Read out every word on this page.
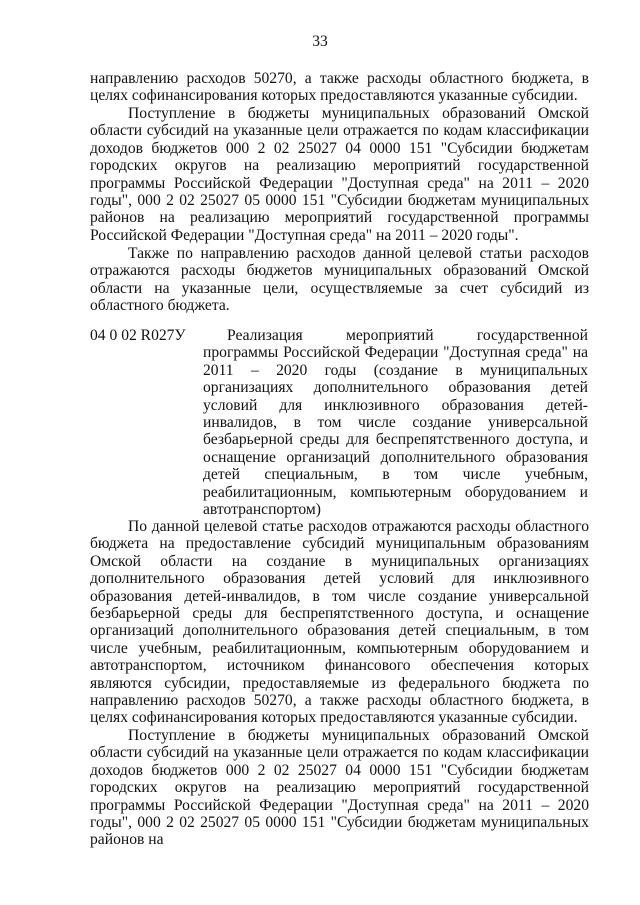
33

направлению расходов 50270, а также расходы областного бюджета, в целях софинансирования которых предоставляются указанные субсидии.

Поступление в бюджеты муниципальных образований Омской области субсидий на указанные цели отражается по кодам классификации доходов бюджетов 000 2 02 25027 04 0000 151 "Субсидии бюджетам городских округов на реализацию мероприятий государственной программы Российской Федерации "Доступная среда" на 2011 – 2020 годы", 000 2 02 25027 05 0000 151 "Субсидии бюджетам муниципальных районов на реализацию мероприятий государственной программы Российской Федерации "Доступная среда" на 2011 – 2020 годы".

Также по направлению расходов данной целевой статьи расходов отражаются расходы бюджетов муниципальных образований Омской области на указанные цели, осуществляемые за счет субсидий из областного бюджета.

04 0 02 R027У	Реализация мероприятий государственной программы Российской Федерации "Доступная среда" на 2011 – 2020 годы (создание в муниципальных организациях дополнительного образования детей условий для инклюзивного образования детей-инвалидов, в том числе создание универсальной безбарьерной среды для беспрепятственного доступа, и оснащение организаций дополнительного образования детей специальным, в том числе учебным, реабилитационным, компьютерным оборудованием и автотранспортом)

По данной целевой статье расходов отражаются расходы областного бюджета на предоставление субсидий муниципальным образованиям Омской области на создание в муниципальных организациях дополнительного образования детей условий для инклюзивного образования детей-инвалидов, в том числе создание универсальной безбарьерной среды для беспрепятственного доступа, и оснащение организаций дополнительного образования детей специальным, в том числе учебным, реабилитационным, компьютерным оборудованием и автотранспортом, источником финансового обеспечения которых являются субсидии, предоставляемые из федерального бюджета по направлению расходов 50270, а также расходы областного бюджета, в целях софинансирования которых предоставляются указанные субсидии.

Поступление в бюджеты муниципальных образований Омской области субсидий на указанные цели отражается по кодам классификации доходов бюджетов 000 2 02 25027 04 0000 151 "Субсидии бюджетам городских округов на реализацию мероприятий государственной программы Российской Федерации "Доступная среда" на 2011 – 2020 годы", 000 2 02 25027 05 0000 151 "Субсидии бюджетам муниципальных районов на
